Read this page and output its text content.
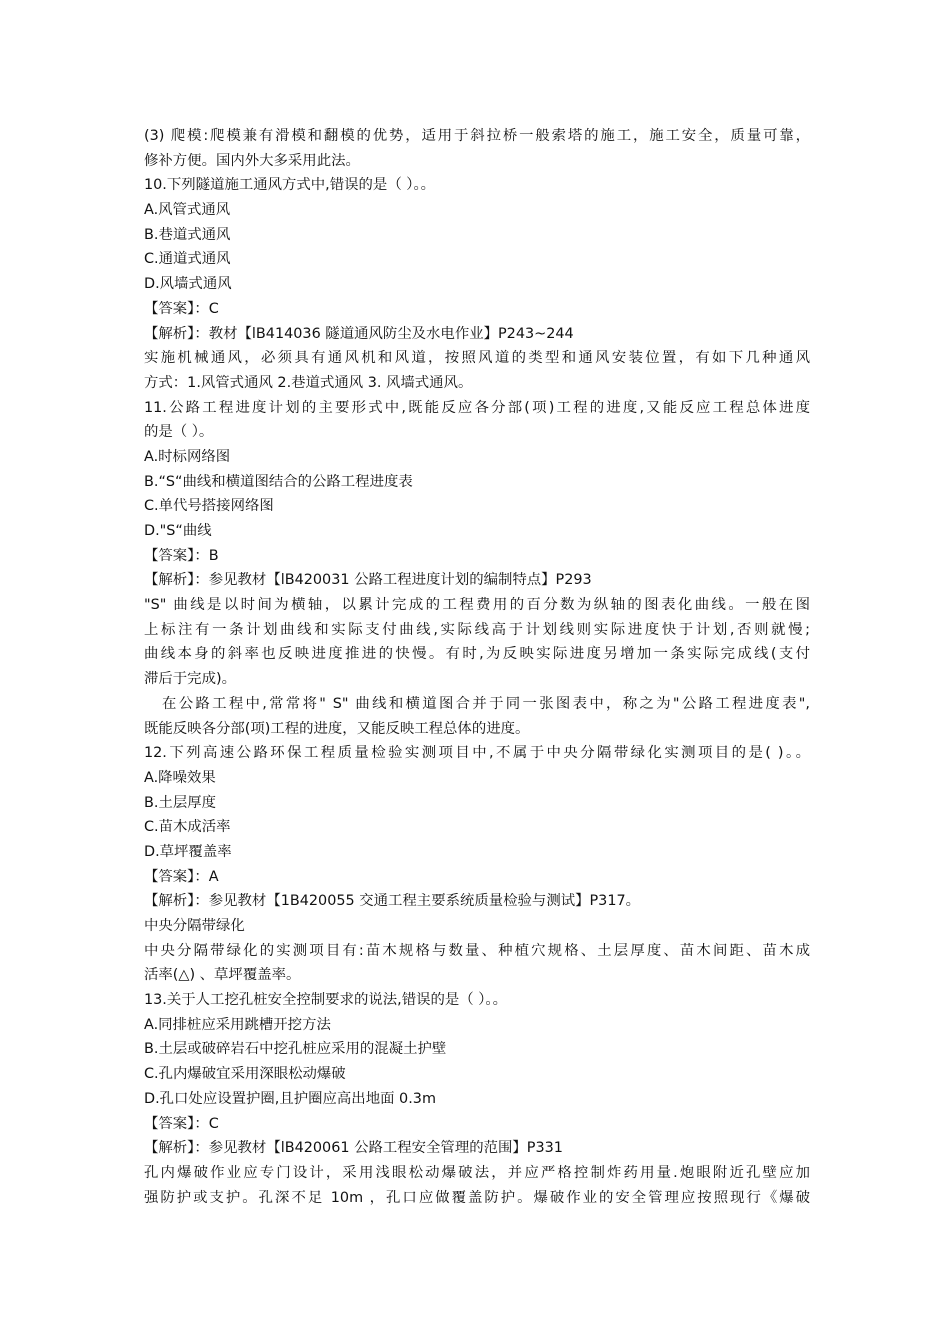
(3) 爬模:爬模兼有滑模和翻模的优势，适用于斜拉桥一般索塔的施工，施工安全，质量可靠，
修补方便。国内外大多采用此法。
10.下列隧道施工通风方式中,错误的是（ ）。。
A.风管式通风
B.巷道式通风
C.通道式通风
D.风墙式通风
【答案】：C
【解析】：教材【lB414036 隧道通风防尘及水电作业】P243~244
实施机械通风，必须具有通风机和风道，按照风道的类型和通风安装位置，有如下几种通风
方式：1.风管式通风 2.巷道式通风 3. 风墙式通风。
11.公路工程进度计划的主要形式中,既能反应各分部(项)工程的进度,又能反应工程总体进度
的是（ ）。
A.时标网络图
B.“S“曲线和横道图结合的公路工程进度表
C.单代号搭接网络图
D."S“曲线
【答案】：B
【解析】：参见教材【lB420031 公路工程进度计划的编制特点】P293
"S" 曲线是以时间为横轴，以累计完成的工程费用的百分数为纵轴的图表化曲线。一般在图
上标注有一条计划曲线和实际支付曲线,实际线高于计划线则实际进度快于计划,否则就慢;
曲线本身的斜率也反映进度推进的快慢。有时,为反映实际进度另增加一条实际完成线(支付
滞后于完成)。
在公路工程中,常常将" S" 曲线和横道图合并于同一张图表中，称之为"公路工程进度表",
既能反映各分部(项)工程的进度，又能反映工程总体的进度。
12.下列高速公路环保工程质量检验实测项目中,不属于中央分隔带绿化实测项目的是( )。。
A.降噪效果
B.土层厚度
C.苗木成活率
D.草坪覆盖率
【答案】：A
【解析】：参见教材【1B420055 交通工程主要系统质量检验与测试】P317。
中央分隔带绿化
中央分隔带绿化的实测项目有:苗木规格与数量、种植穴规格、土层厚度、苗木间距、苗木成
活率(△) 、草坪覆盖率。
13.关于人工挖孔桩安全控制要求的说法,错误的是（ ）。。
A.同排桩应采用跳槽开挖方法
B.土层或破碎岩石中挖孔桩应采用的混凝土护壁
C.孔内爆破宜采用深眼松动爆破
D.孔口处应设置护圈,且护圈应高出地面 0.3m
【答案】：C
【解析】：参见教材【lB420061 公路工程安全管理的范围】P331
孔内爆破作业应专门设计，采用浅眼松动爆破法，并应严格控制炸药用量.炮眼附近孔壁应加
强防护或支护。孔深不足 10m ，孔口应做覆盖防护。爆破作业的安全管理应按照现行《爆破
